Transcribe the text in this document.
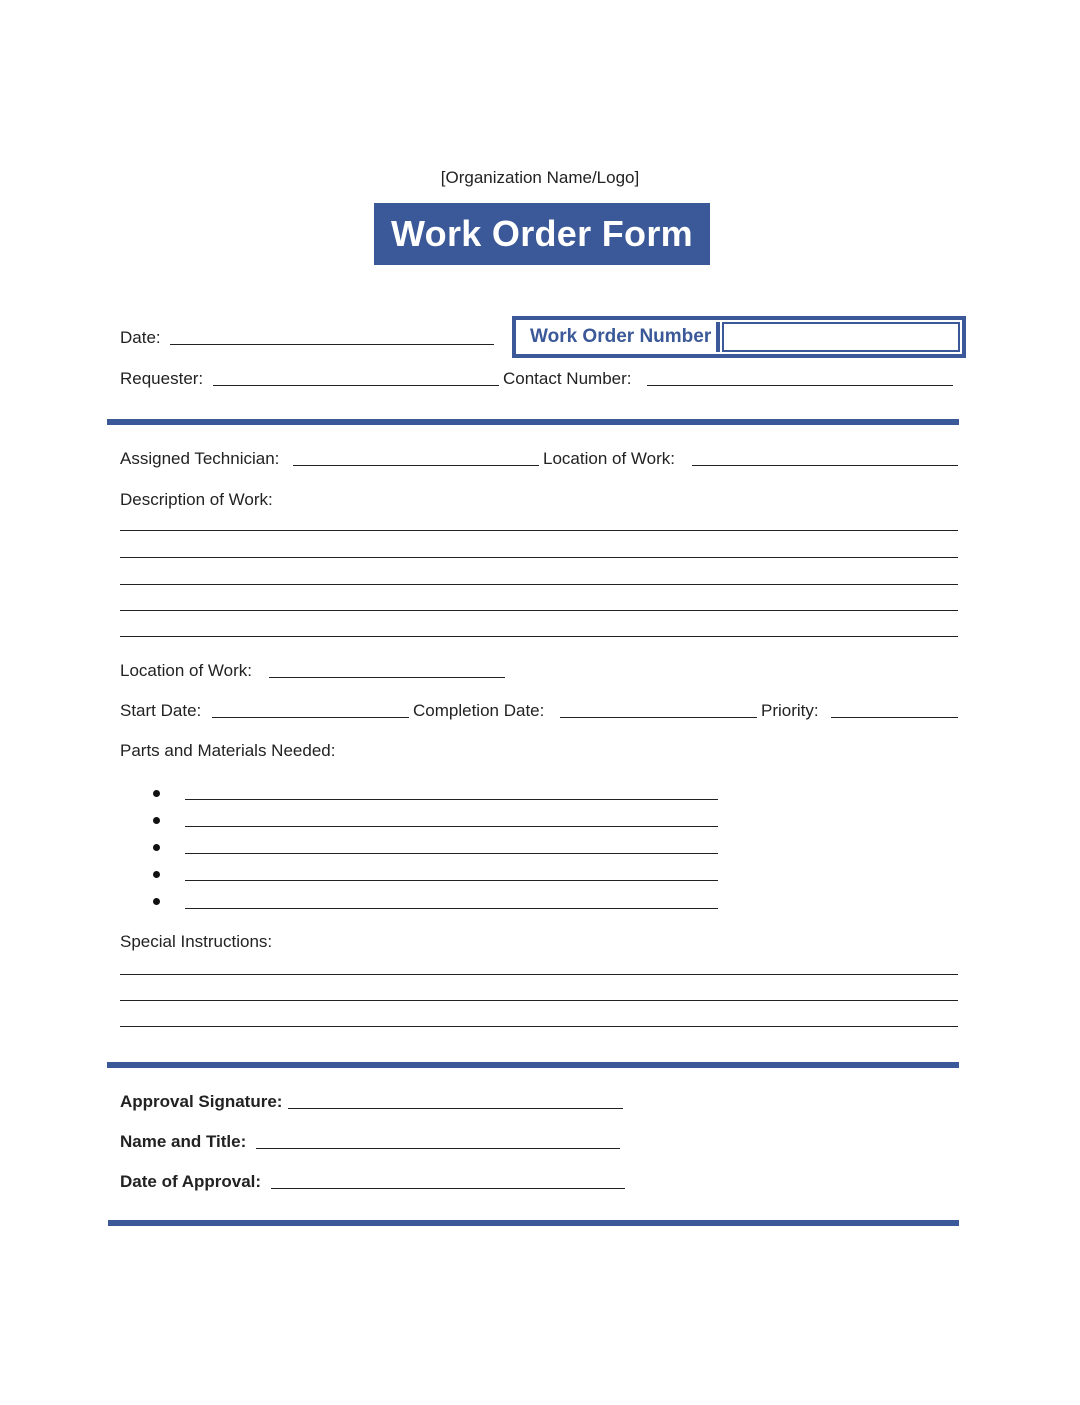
[Organization Name/Logo]
Work Order Form
Work Order Number
Date:
Requester:	Contact Number:
Assigned Technician:	Location of Work:
Description of Work:
Location of Work:
Start Date:	Completion Date:	Priority:
Parts and Materials Needed:
Special Instructions:
Approval Signature:
Name and Title:
Date of Approval:
